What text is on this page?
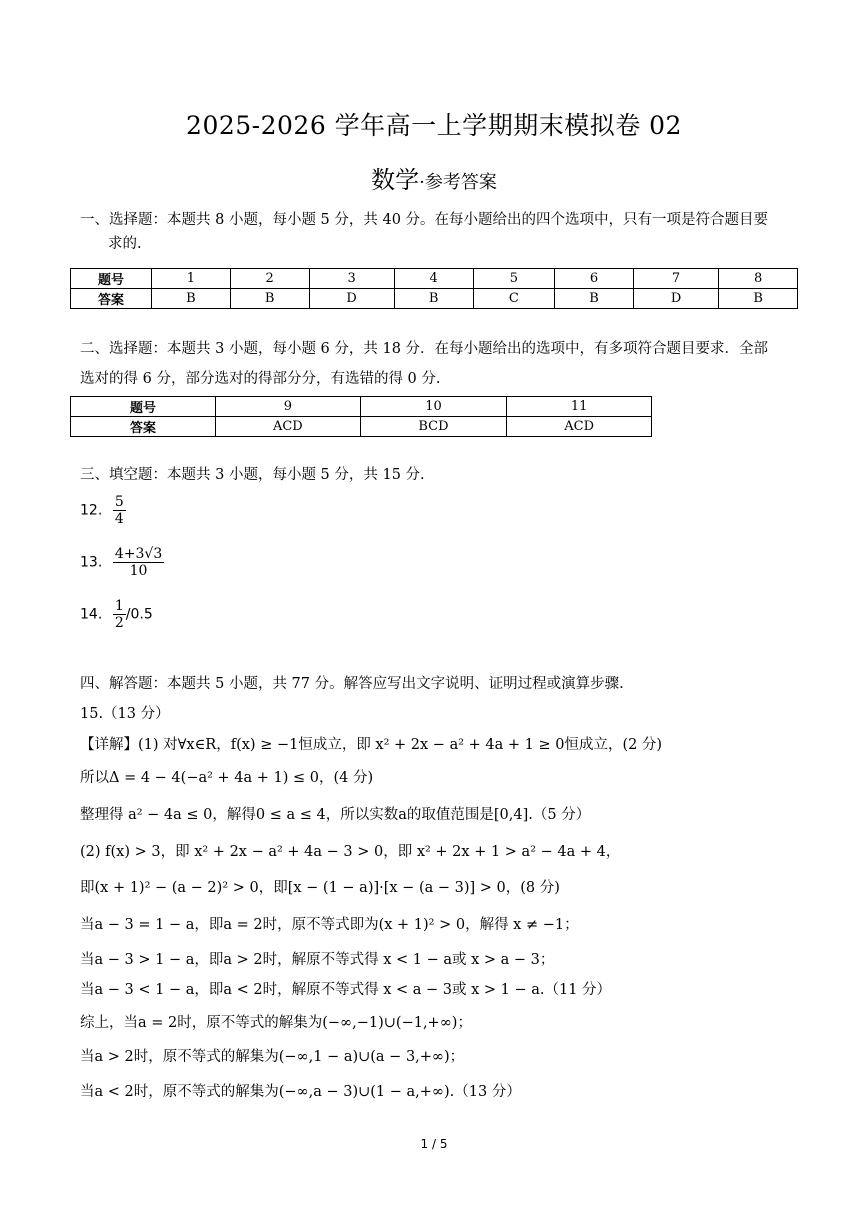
2025-2026 学年高一上学期期末模拟卷 02
数学·参考答案
一、选择题：本题共 8 小题，每小题 5 分，共 40 分。在每小题给出的四个选项中，只有一项是符合题目要
求的.
题号	1	2	3	4	5	6	7	8
答案	B	B	D	B	C	B	D	B
二、选择题：本题共 3 小题，每小题 6 分，共 18 分．在每小题给出的选项中，有多项符合题目要求．全部
选对的得 6 分，部分选对的得部分分，有选错的得 0 分.
题号	9	10	11
答案	ACD	BCD	ACD
三、填空题：本题共 3 小题，每小题 5 分，共 15 分.
12. $\frac{5}{4}$
13. $\frac{4+3√3}{10}$
14. $\frac{1}{2} /0.5$
四、解答题：本题共 5 小题，共 77 分。解答应写出文字说明、证明过程或演算步骤.
15.（13 分）
【详解】(1) 对∀x∈R，f(x) ≥ −1恒成立，即 x² + 2x − a² + 4a + 1 ≥ 0恒成立，(2 分)
所以Δ = 4 − 4(−a² + 4a + 1) ≤ 0，(4 分)
整理得 a² − 4a ≤ 0，解得0 ≤ a ≤ 4，所以实数a的取值范围是[0,4].（5 分）
(2) f(x) > 3，即 x² + 2x − a² + 4a − 3 > 0，即 x² + 2x + 1 > a² − 4a + 4，
即(x + 1)² − (a − 2)² > 0，即[x − (1 − a)]·[x − (a − 3)] > 0，(8 分)
当a − 3 = 1 − a，即a = 2时，原不等式即为(x + 1)² > 0，解得 x ≠ −1；
当a − 3 > 1 − a，即a > 2时，解原不等式得 x < 1 − a或 x > a − 3；
当a − 3 < 1 − a，即a < 2时，解原不等式得 x < a − 3或 x > 1 − a.（11 分）
综上，当a = 2时，原不等式的解集为(−∞,−1)∪(−1,+∞)；
当a > 2时，原不等式的解集为(−∞,1 − a)∪(a − 3,+∞)；
当a < 2时，原不等式的解集为(−∞,a − 3)∪(1 − a,+∞).（13 分）
1 / 5
